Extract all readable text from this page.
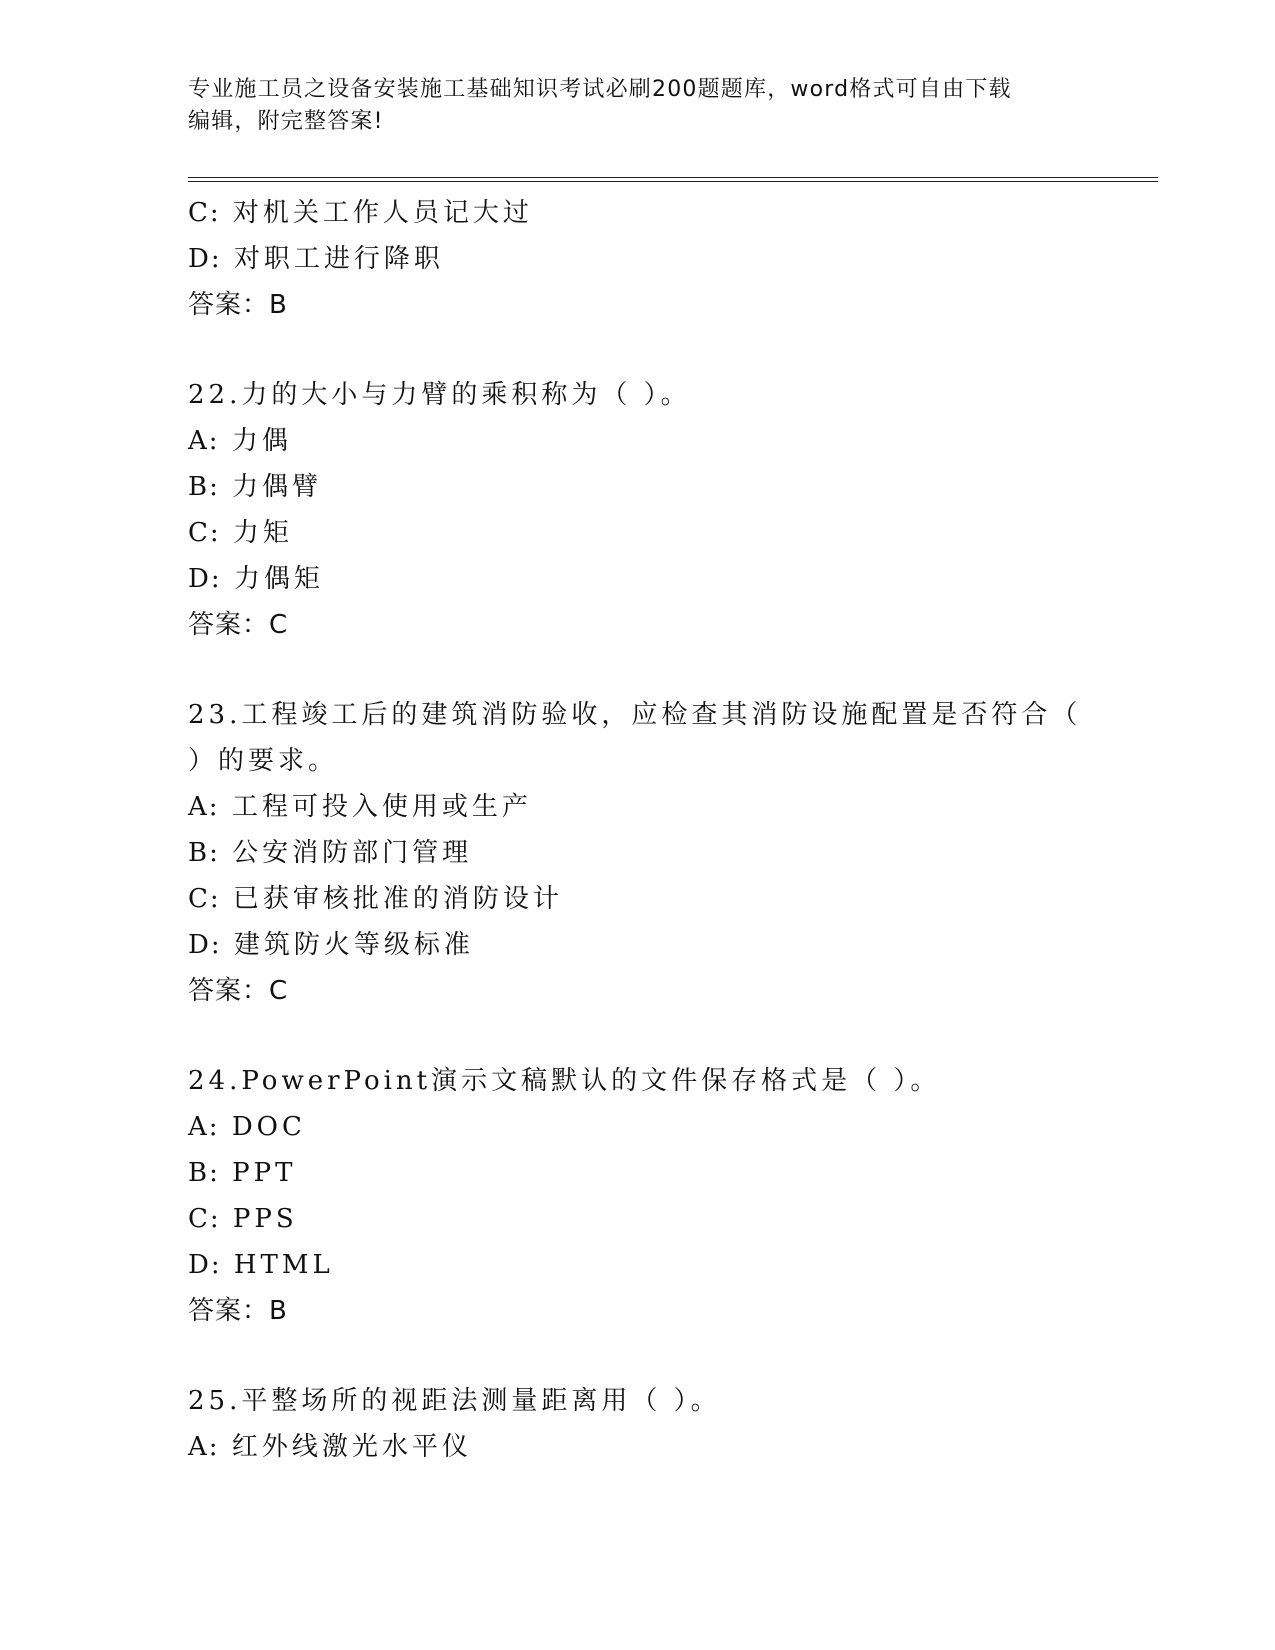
专业施工员之设备安装施工基础知识考试必刷200题题库，word格式可自由下载
编辑，附完整答案!
C: 对机关工作人员记大过
D: 对职工进行降职
答案：B
22.力的大小与力臂的乘积称为（ ）。
A: 力偶
B: 力偶臂
C: 力矩
D: 力偶矩
答案：C
23.工程竣工后的建筑消防验收，应检查其消防设施配置是否符合（
）的要求。
A: 工程可投入使用或生产
B: 公安消防部门管理
C: 已获审核批准的消防设计
D: 建筑防火等级标准
答案：C
24.PowerPoint演示文稿默认的文件保存格式是（ ）。
A: DOC
B: PPT
C: PPS
D: HTML
答案：B
25.平整场所的视距法测量距离用（ ）。
A: 红外线激光水平仪
